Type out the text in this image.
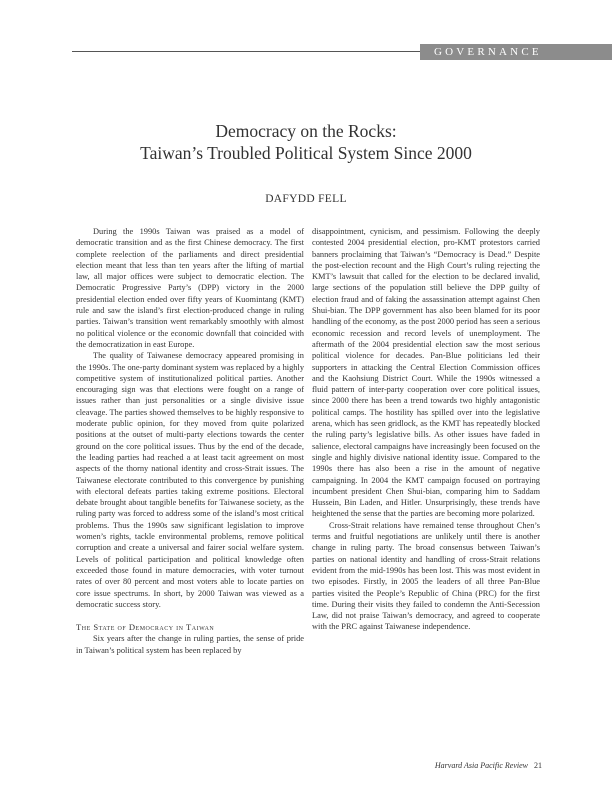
GOVERNANCE
Democracy on the Rocks:
Taiwan’s Troubled Political System Since 2000
DAFYDD FELL

During the 1990s Taiwan was praised as a model of democratic transition and as the first Chinese democracy. The first complete reelection of the parliaments and direct presidential election meant that less than ten years after the lifting of martial law, all major offices were subject to democratic election. The Democratic Progressive Party’s (DPP) victory in the 2000 presidential election ended over fifty years of Kuomintang (KMT) rule and saw the island’s first election-produced change in ruling parties. Taiwan’s transition went remarkably smoothly with almost no political violence or the economic downfall that coincided with the democratization in east Europe.

The quality of Taiwanese democracy appeared promising in the 1990s. The one-party dominant system was replaced by a highly competitive system of institutionalized political parties. Another encouraging sign was that elections were fought on a range of issues rather than just personalities or a single divisive issue cleavage. The parties showed themselves to be highly responsive to moderate public opinion, for they moved from quite polarized positions at the outset of multi-party elections towards the center ground on the core political issues. Thus by the end of the decade, the leading parties had reached a at least tacit agreement on most aspects of the thorny national identity and cross-Strait issues. The Taiwanese electorate contributed to this convergence by punishing with electoral defeats parties taking extreme positions. Electoral debate brought about tangible benefits for Taiwanese society, as the ruling party was forced to address some of the island’s most critical problems. Thus the 1990s saw significant legislation to improve women’s rights, tackle environmental problems, remove political corruption and create a universal and fairer social welfare system. Levels of political participation and political knowledge often exceeded those found in mature democracies, with voter turnout rates of over 80 percent and most voters able to locate parties on core issue spectrums. In short, by 2000 Taiwan was viewed as a democratic success story.

The State of Democracy in Taiwan

Six years after the change in ruling parties, the sense of pride in Taiwan’s political system has been replaced by

disappointment, cynicism, and pessimism. Following the deeply contested 2004 presidential election, pro-KMT protestors carried banners proclaiming that Taiwan’s “Democracy is Dead.” Despite the post-election recount and the High Court’s ruling rejecting the KMT’s lawsuit that called for the election to be declared invalid, large sections of the population still believe the DPP guilty of election fraud and of faking the assassination attempt against Chen Shui-bian. The DPP government has also been blamed for its poor handling of the economy, as the post 2000 period has seen a serious economic recession and record levels of unemployment. The aftermath of the 2004 presidential election saw the most serious political violence for decades. Pan-Blue politicians led their supporters in attacking the Central Election Commission offices and the Kaohsiung District Court. While the 1990s witnessed a fluid pattern of inter-party cooperation over core political issues, since 2000 there has been a trend towards two highly antagonistic political camps. The hostility has spilled over into the legislative arena, which has seen gridlock, as the KMT has repeatedly blocked the ruling party’s legislative bills. As other issues have faded in salience, electoral campaigns have increasingly been focused on the single and highly divisive national identity issue. Compared to the 1990s there has also been a rise in the amount of negative campaigning. In 2004 the KMT campaign focused on portraying incumbent president Chen Shui-bian, comparing him to Saddam Hussein, Bin Laden, and Hitler. Unsurprisingly, these trends have heightened the sense that the parties are becoming more polarized.

Cross-Strait relations have remained tense throughout Chen’s terms and fruitful negotiations are unlikely until there is another change in ruling party. The broad consensus between Taiwan’s parties on national identity and handling of cross-Strait relations evident from the mid-1990s has been lost. This was most evident in two episodes. Firstly, in 2005 the leaders of all three Pan-Blue parties visited the People’s Republic of China (PRC) for the first time. During their visits they failed to condemn the Anti-Secession Law, did not praise Taiwan’s democracy, and agreed to cooperate with the PRC against Taiwanese independence.

Harvard Asia Pacific Review 21
